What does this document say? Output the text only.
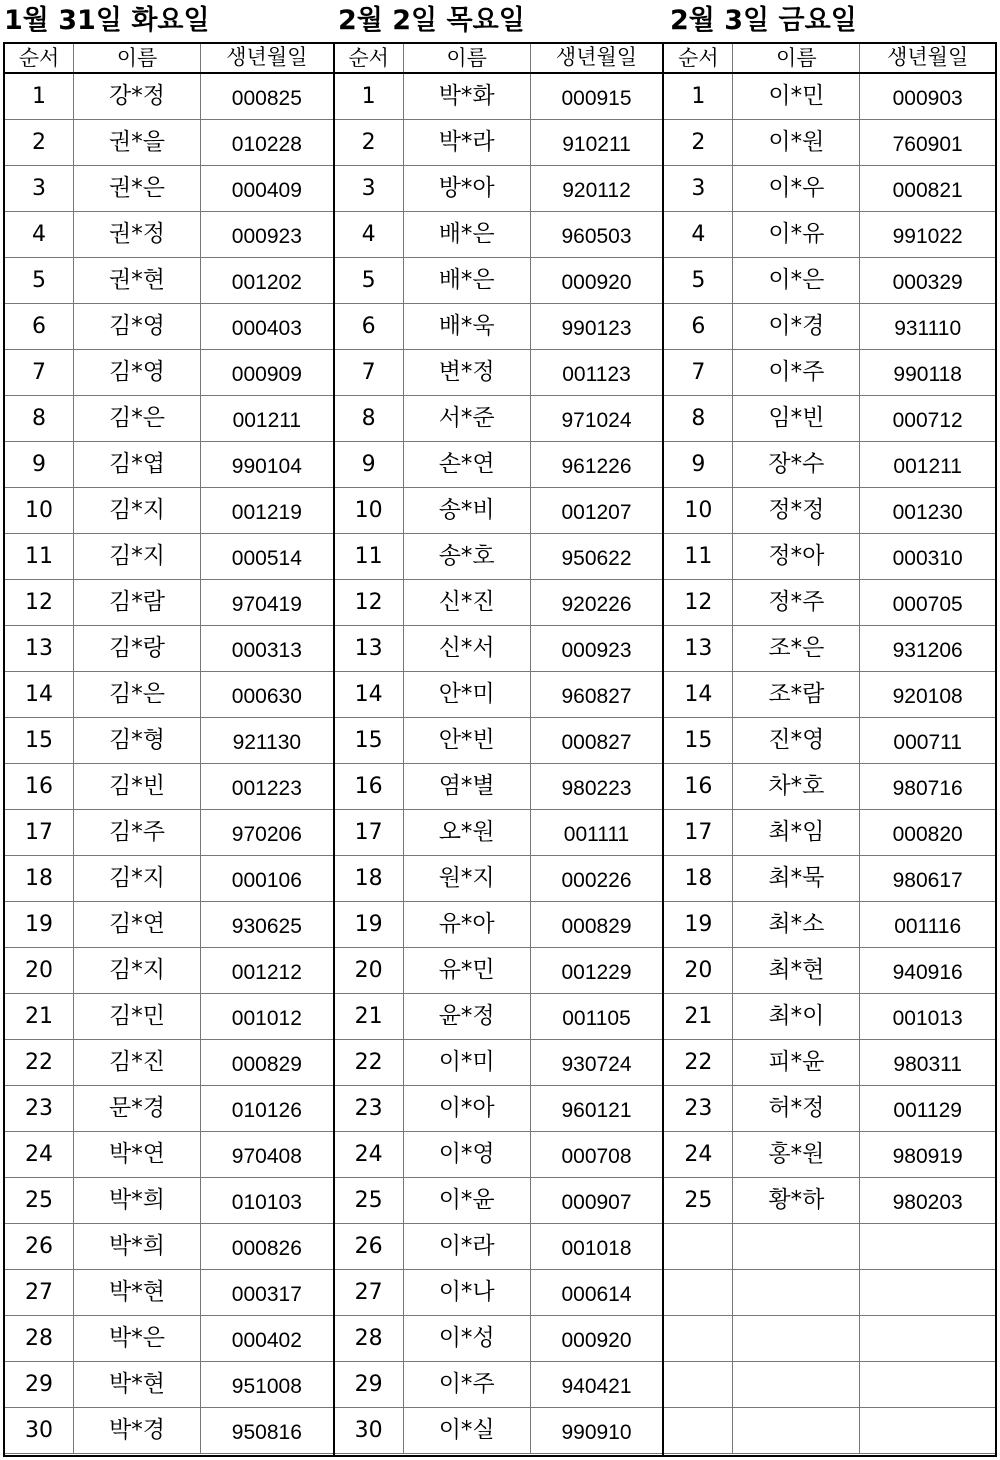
1월 31일 화요일	2월 2일 목요일	2월 3일 금요일
순서	이름	생년월일
1	강*정	000825
2	권*을	010228
3	권*은	000409
4	권*정	000923
5	권*현	001202
6	김*영	000403
7	김*영	000909
8	김*은	001211
9	김*엽	990104
10	김*지	001219
11	김*지	000514
12	김*람	970419
13	김*랑	000313
14	김*은	000630
15	김*형	921130
16	김*빈	001223
17	김*주	970206
18	김*지	000106
19	김*연	930625
20	김*지	001212
21	김*민	001012
22	김*진	000829
23	문*경	010126
24	박*연	970408
25	박*희	010103
26	박*희	000826
27	박*현	000317
28	박*은	000402
29	박*현	951008
30	박*경	950816
순서	이름	생년월일
1	박*화	000915
2	박*라	910211
3	방*아	920112
4	배*은	960503
5	배*은	000920
6	배*욱	990123
7	변*정	001123
8	서*준	971024
9	손*연	961226
10	송*비	001207
11	송*호	950622
12	신*진	920226
13	신*서	000923
14	안*미	960827
15	안*빈	000827
16	염*별	980223
17	오*원	001111
18	원*지	000226
19	유*아	000829
20	유*민	001229
21	윤*정	001105
22	이*미	930724
23	이*아	960121
24	이*영	000708
25	이*윤	000907
26	이*라	001018
27	이*나	000614
28	이*성	000920
29	이*주	940421
30	이*실	990910
순서	이름	생년월일
1	이*민	000903
2	이*원	760901
3	이*우	000821
4	이*유	991022
5	이*은	000329
6	이*경	931110
7	이*주	990118
8	임*빈	000712
9	장*수	001211
10	정*정	001230
11	정*아	000310
12	정*주	000705
13	조*은	931206
14	조*람	920108
15	진*영	000711
16	차*호	980716
17	최*임	000820
18	최*묵	980617
19	최*소	001116
20	최*현	940916
21	최*이	001013
22	피*윤	980311
23	허*정	001129
24	홍*원	980919
25	황*하	980203
